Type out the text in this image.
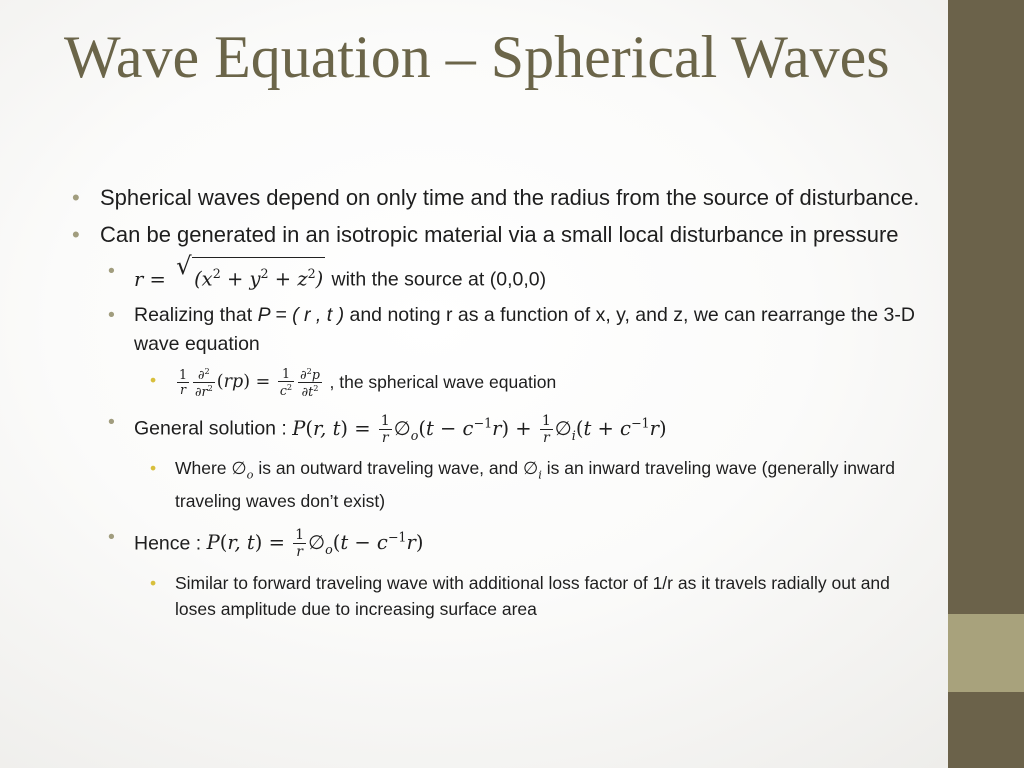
Wave Equation – Spherical Waves
• Spherical waves depend on only time and the radius from the source of disturbance.
• Can be generated in an isotropic material via a small local disturbance in pressure
• r = √ $(x^2 + y^2 + z^2)$ with the source at (0,0,0)
• Realizing that P = ( r , t ) and noting r as a function of x, y, and z, we can rearrange the 3-D wave equation
• $\frac{1}{r} \frac{\partial^2}{\partial r^2} (rp) = \frac{1}{c^2} \frac{\partial^2p}{\partial t^2}$ , the spherical wave equation
• General solution : P(r, $t) = \frac{1}{r}$ $\emptyset_o(t - c^{-1}r) + \frac{1}{r}$ $\emptyset_i(t + c^{-1}r)$
• Where $\emptyset_o$ is an outward traveling wave, and $\emptyset_i$ is an inward traveling wave (generally inward traveling waves don’t exist)
• Hence : P(r, $t) = \frac{1}{r}$ $\emptyset_o(t - c^{-1}r)$
• Similar to forward traveling wave with additional loss factor of 1/r as it travels radially out and loses amplitude due to increasing surface area
